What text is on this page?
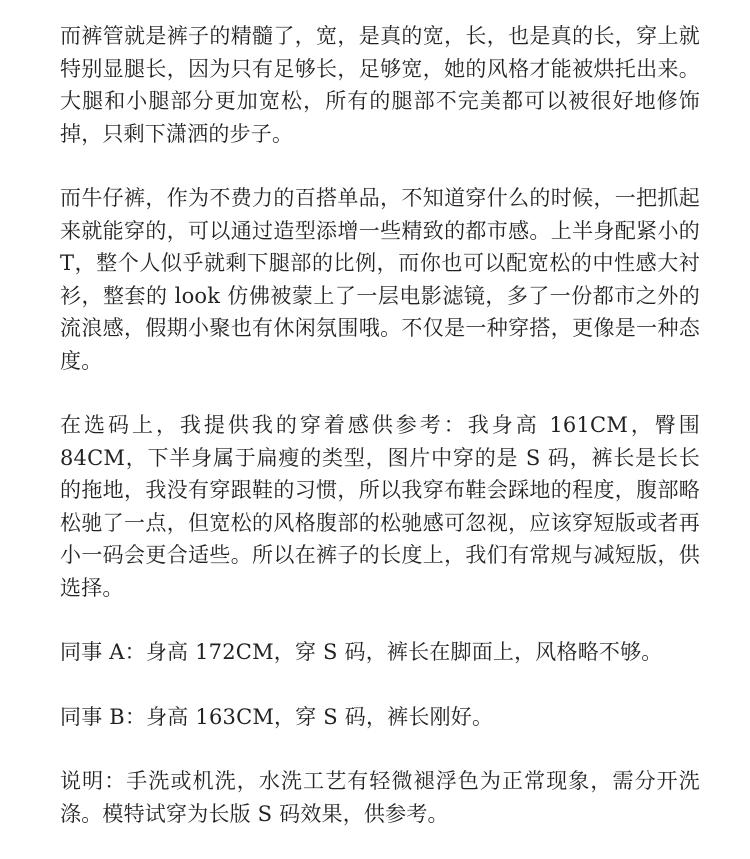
而裤管就是裤子的精髓了，宽，是真的宽，长，也是真的长，穿上就特别显腿长，因为只有足够长，足够宽，她的风格才能被烘托出来。大腿和小腿部分更加宽松，所有的腿部不完美都可以被很好地修饰掉，只剩下潇洒的步子。

而牛仔裤，作为不费力的百搭单品，不知道穿什么的时候，一把抓起来就能穿的，可以通过造型添增一些精致的都市感。上半身配紧小的 T，整个人似乎就剩下腿部的比例，而你也可以配宽松的中性感大衬衫，整套的 look 仿佛被蒙上了一层电影滤镜，多了一份都市之外的流浪感，假期小聚也有休闲氛围哦。不仅是一种穿搭，更像是一种态度。

在选码上，我提供我的穿着感供参考：我身高 161CM，臀围 84CM，下半身属于扁瘦的类型，图片中穿的是 S 码，裤长是长长的拖地，我没有穿跟鞋的习惯，所以我穿布鞋会踩地的程度，腹部略松驰了一点，但宽松的风格腹部的松驰感可忽视，应该穿短版或者再小一码会更合适些。所以在裤子的长度上，我们有常规与减短版，供选择。

同事 A：身高 172CM，穿 S 码，裤长在脚面上，风格略不够。

同事 B：身高 163CM，穿 S 码，裤长刚好。

说明：手洗或机洗，水洗工艺有轻微褪浮色为正常现象，需分开洗涤。模特试穿为长版 S 码效果，供参考。
